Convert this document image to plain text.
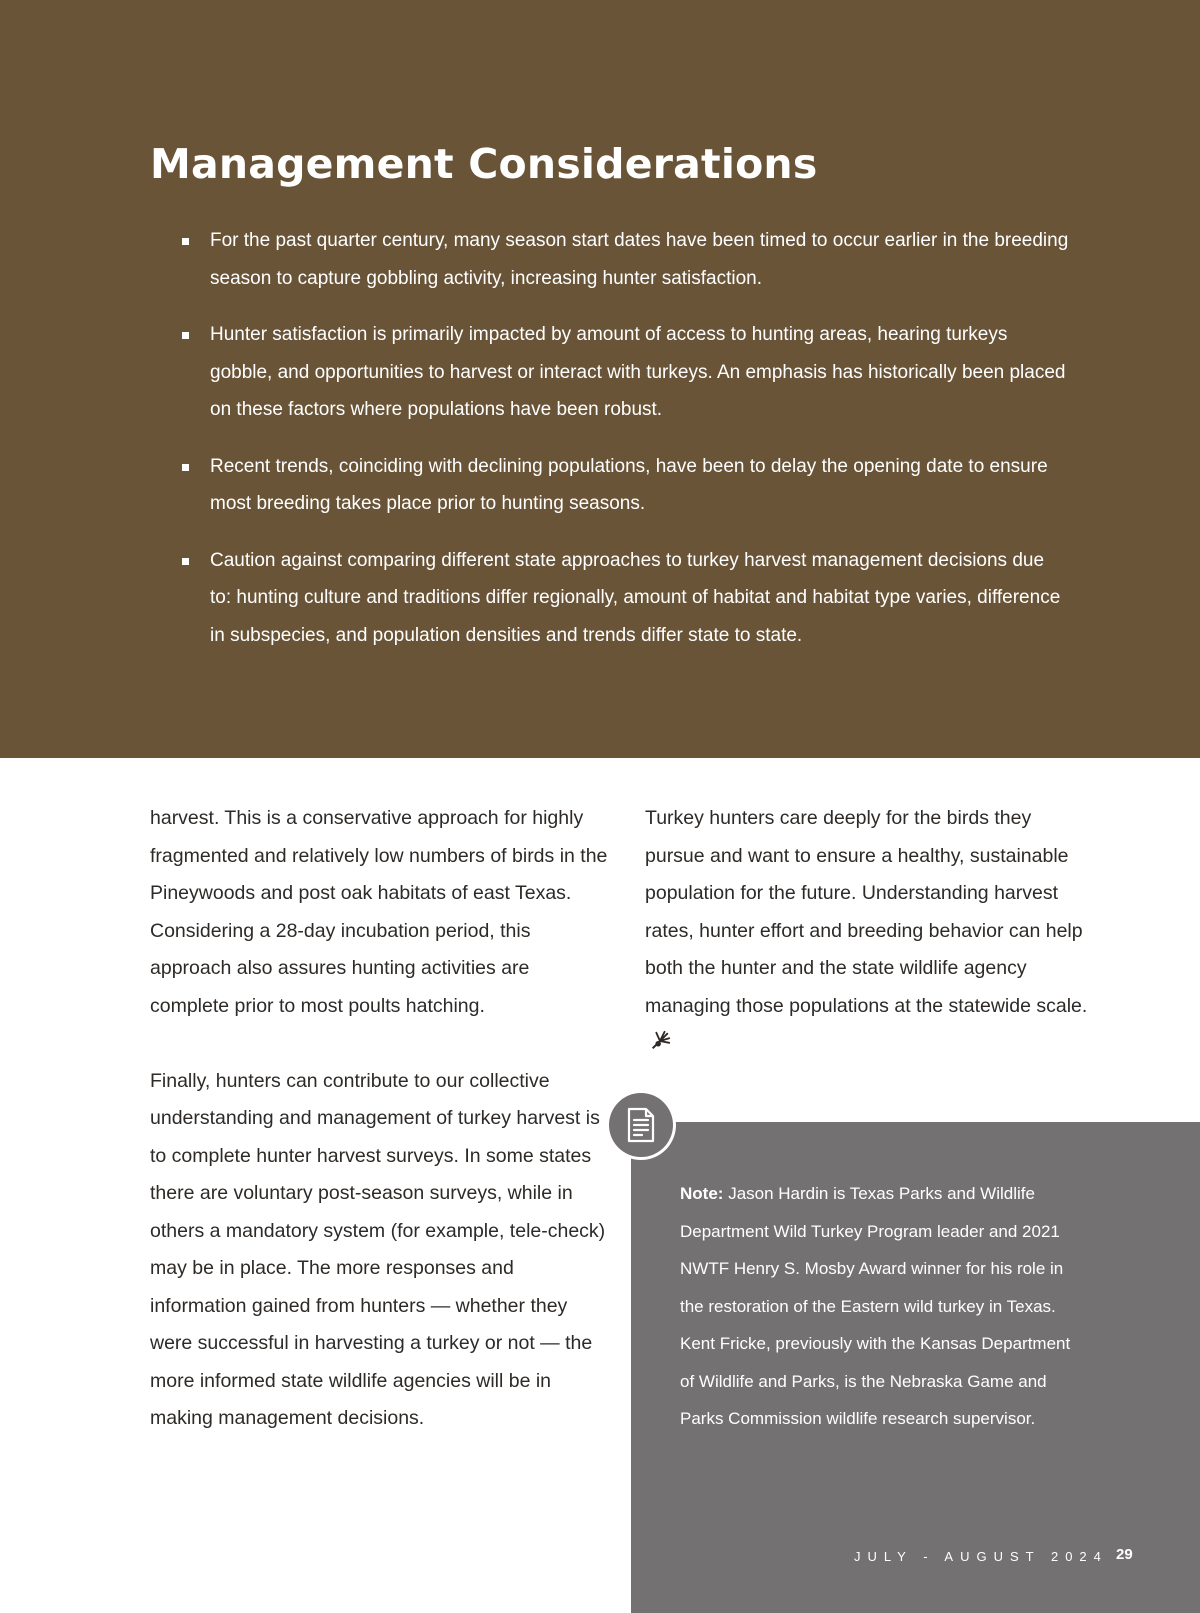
Management Considerations
For the past quarter century, many season start dates have been timed to occur earlier in the breeding season to capture gobbling activity, increasing hunter satisfaction.
Hunter satisfaction is primarily impacted by amount of access to hunting areas, hearing turkeys gobble, and opportunities to harvest or interact with turkeys. An emphasis has historically been placed on these factors where populations have been robust.
Recent trends, coinciding with declining populations, have been to delay the opening date to ensure most breeding takes place prior to hunting seasons.
Caution against comparing different state approaches to turkey harvest management decisions due to: hunting culture and traditions differ regionally, amount of habitat and habitat type varies, difference in subspecies, and population densities and trends differ state to state.

harvest. This is a conservative approach for highly fragmented and relatively low numbers of birds in the Pineywoods and post oak habitats of east Texas. Considering a 28-day incubation period, this approach also assures hunting activities are complete prior to most poults hatching.

Finally, hunters can contribute to our collective understanding and management of turkey harvest is to complete hunter harvest surveys. In some states there are voluntary post-season surveys, while in others a mandatory system (for example, tele-check) may be in place. The more responses and information gained from hunters — whether they were successful in harvesting a turkey or not — the more informed state wildlife agencies will be in making management decisions.

Turkey hunters care deeply for the birds they pursue and want to ensure a healthy, sustainable population for the future. Understanding harvest rates, hunter effort and breeding behavior can help both the hunter and the state wildlife agency managing those populations at the statewide scale.

Note: Jason Hardin is Texas Parks and Wildlife Department Wild Turkey Program leader and 2021 NWTF Henry S. Mosby Award winner for his role in the restoration of the Eastern wild turkey in Texas. Kent Fricke, previously with the Kansas Department of Wildlife and Parks, is the Nebraska Game and Parks Commission wildlife research supervisor.
JULY - AUGUST 2024 29
